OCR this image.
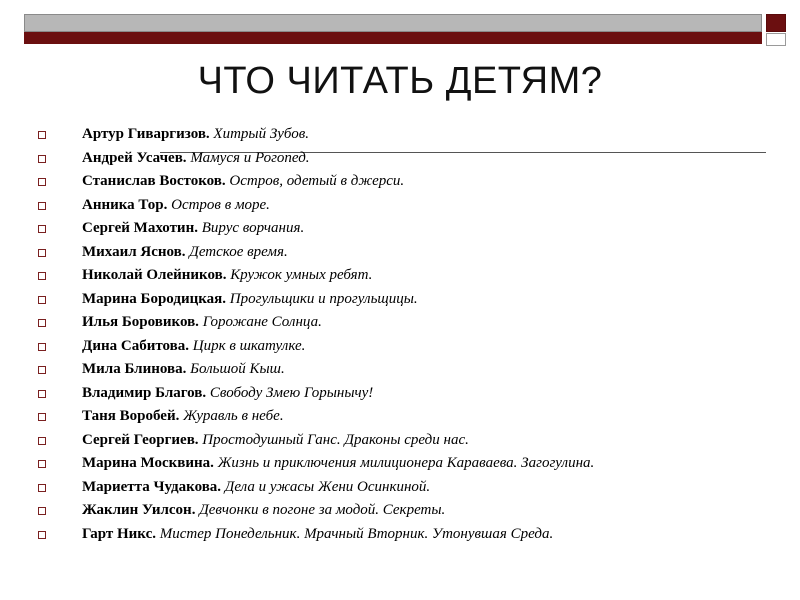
ЧТО ЧИТАТЬ ДЕТЯМ?
Артур Гиваргизов. Хитрый Зубов.
Андрей Усачев. Мамуся и Рогопед.
Станислав Востоков. Остров, одетый в джерси.
Анника Тор. Остров в море.
Сергей Махотин. Вирус ворчания.
Михаил Яснов. Детское время.
Николай Олейников. Кружок умных ребят.
Марина Бородицкая. Прогульщики и прогульщицы.
Илья Боровиков. Горожане Солнца.
Дина Сабитова. Цирк в шкатулке.
Мила Блинова. Большой Кыш.
Владимир Благов. Свободу Змею Горынычу!
Таня Воробей. Журавль в небе.
Сергей Георгиев. Простодушный Ганс. Драконы среди нас.
Марина Москвина. Жизнь и приключения милиционера Караваева. Загогулина.
Мариетта Чудакова. Дела и ужасы Жени Осинкиной.
Жаклин Уилсон. Девчонки в погоне за модой. Секреты.
Гарт Никс. Мистер Понедельник. Мрачный Вторник. Утонувшая Среда.
